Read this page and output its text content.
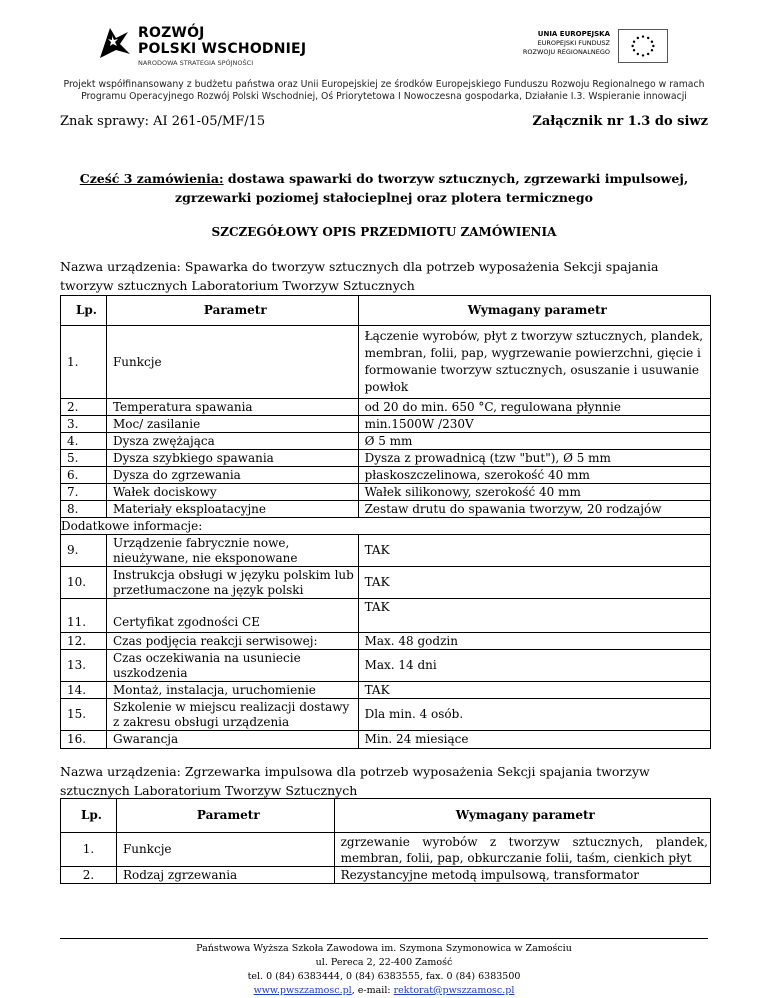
ROZWÓJ
POLSKI WSCHODNIEJ
NARODOWA STRATEGIA SPÓJNOŚCI
UNIA EUROPEJSKA
EUROPEJSKI FUNDUSZ
ROZWOJU REGIONALNEGO
Projekt współfinansowany z budżetu państwa oraz Unii Europejskiej ze środków Europejskiego Funduszu Rozwoju Regionalnego w ramach Programu Operacyjnego Rozwój Polski Wschodniej, Oś Priorytetowa I Nowoczesna gospodarka, Działanie I.3. Wspieranie innowacji
Znak sprawy: AI 261-05/MF/15	Załącznik nr 1.3 do siwz
Cześć 3 zamówienia: dostawa spawarki do tworzyw sztucznych, zgrzewarki impulsowej,
zgrzewarki poziomej stałocieplnej oraz plotera termicznego
SZCZEGÓŁOWY OPIS PRZEDMIOTU ZAMÓWIENIA
Nazwa urządzenia: Spawarka do tworzyw sztucznych dla potrzeb wyposażenia Sekcji spajania tworzyw sztucznych Laboratorium Tworzyw Sztucznych
Lp.	Parametr	Wymagany parametr
1.	Funkcje	Łączenie wyrobów, płyt z tworzyw sztucznych, plandek, membran, folii, pap, wygrzewanie powierzchni, gięcie i formowanie tworzyw sztucznych, osuszanie i usuwanie powłok
2.	Temperatura spawania	od 20 do min. 650 °C, regulowana płynnie
3.	Moc/ zasilanie	min.1500W /230V
4.	Dysza zwężająca	Ø 5 mm
5.	Dysza szybkiego spawania	Dysza z prowadnicą (tzw "but"), Ø 5 mm
6.	Dysza do zgrzewania	płaskoszczelinowa, szerokość 40 mm
7.	Wałek dociskowy	Wałek silikonowy, szerokość 40 mm
8.	Materiały eksploatacyjne	Zestaw drutu do spawania tworzyw, 20 rodzajów
Dodatkowe informacje:		
9.	Urządzenie fabrycznie nowe, nieużywane, nie eksponowane	TAK
10.	Instrukcja obsługi w języku polskim lub przetłumaczone na język polski	TAK
11.	Certyfikat zgodności CE	TAK
12.	Czas podjęcia reakcji serwisowej:	Max. 48 godzin
13.	Czas oczekiwania na usuniecie uszkodzenia	Max. 14 dni
14.	Montaż, instalacja, uruchomienie	TAK
15.	Szkolenie w miejscu realizacji dostawy z zakresu obsługi urządzenia	Dla min. 4 osób.
16.	Gwarancja	Min. 24 miesiące
Nazwa urządzenia: Zgrzewarka impulsowa dla potrzeb wyposażenia Sekcji spajania tworzyw sztucznych Laboratorium Tworzyw Sztucznych
Lp.	Parametr	Wymagany parametr
1.	Funkcje	zgrzewanie wyrobów z tworzyw sztucznych, plandek, membran, folii, pap, obkurczanie folii, taśm, cienkich płyt
2.	Rodzaj zgrzewania	Rezystancyjne metodą impulsową, transformator
Państwowa Wyższa Szkoła Zawodowa im. Szymona Szymonowica w Zamościu
ul. Pereca 2, 22-400 Zamość
tel. 0 (84) 6383444, 0 (84) 6383555, fax. 0 (84) 6383500
www.pwszzamosc.pl, e-mail: rektorat@pwszzamosc.pl
